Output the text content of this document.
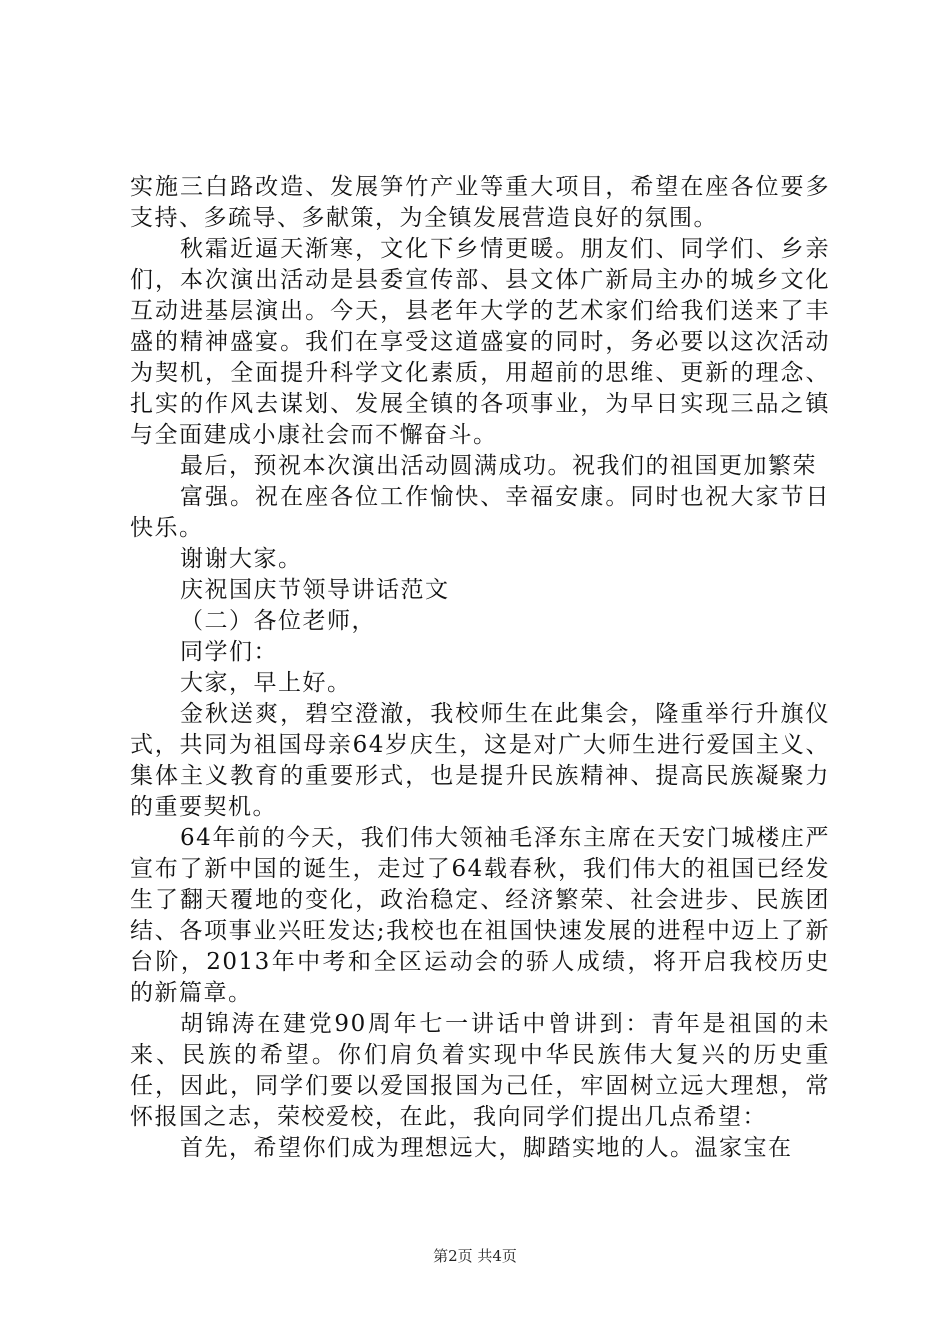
实施三白路改造、发展笋竹产业等重大项目，希望在座各位要多支持、多疏导、多献策，为全镇发展营造良好的氛围。

秋霜近逼天渐寒，文化下乡情更暖。朋友们、同学们、乡亲们，本次演出活动是县委宣传部、县文体广新局主办的城乡文化互动进基层演出。今天，县老年大学的艺术家们给我们送来了丰盛的精神盛宴。我们在享受这道盛宴的同时，务必要以这次活动为契机，全面提升科学文化素质，用超前的思维、更新的理念、扎实的作风去谋划、发展全镇的各项事业，为早日实现三品之镇与全面建成小康社会而不懈奋斗。

最后，预祝本次演出活动圆满成功。祝我们的祖国更加繁荣

富强。祝在座各位工作愉快、幸福安康。同时也祝大家节日快乐。

谢谢大家。

庆祝国庆节领导讲话范文

（二）各位老师，

同学们：

大家，早上好。

金秋送爽，碧空澄澈，我校师生在此集会，隆重举行升旗仪式，共同为祖国母亲64岁庆生，这是对广大师生进行爱国主义、集体主义教育的重要形式，也是提升民族精神、提高民族凝聚力的重要契机。

64年前的今天，我们伟大领袖毛泽东主席在天安门城楼庄严宣布了新中国的诞生，走过了64载春秋，我们伟大的祖国已经发生了翻天覆地的变化，政治稳定、经济繁荣、社会进步、民族团结、各项事业兴旺发达;我校也在祖国快速发展的进程中迈上了新台阶，2013年中考和全区运动会的骄人成绩，将开启我校历史的新篇章。

胡锦涛在建党90周年七一讲话中曾讲到：青年是祖国的未来、民族的希望。你们肩负着实现中华民族伟大复兴的历史重任，因此，同学们要以爱国报国为己任，牢固树立远大理想，常怀报国之志，荣校爱校，在此，我向同学们提出几点希望：

首先，希望你们成为理想远大，脚踏实地的人。温家宝在

第2页 共4页
